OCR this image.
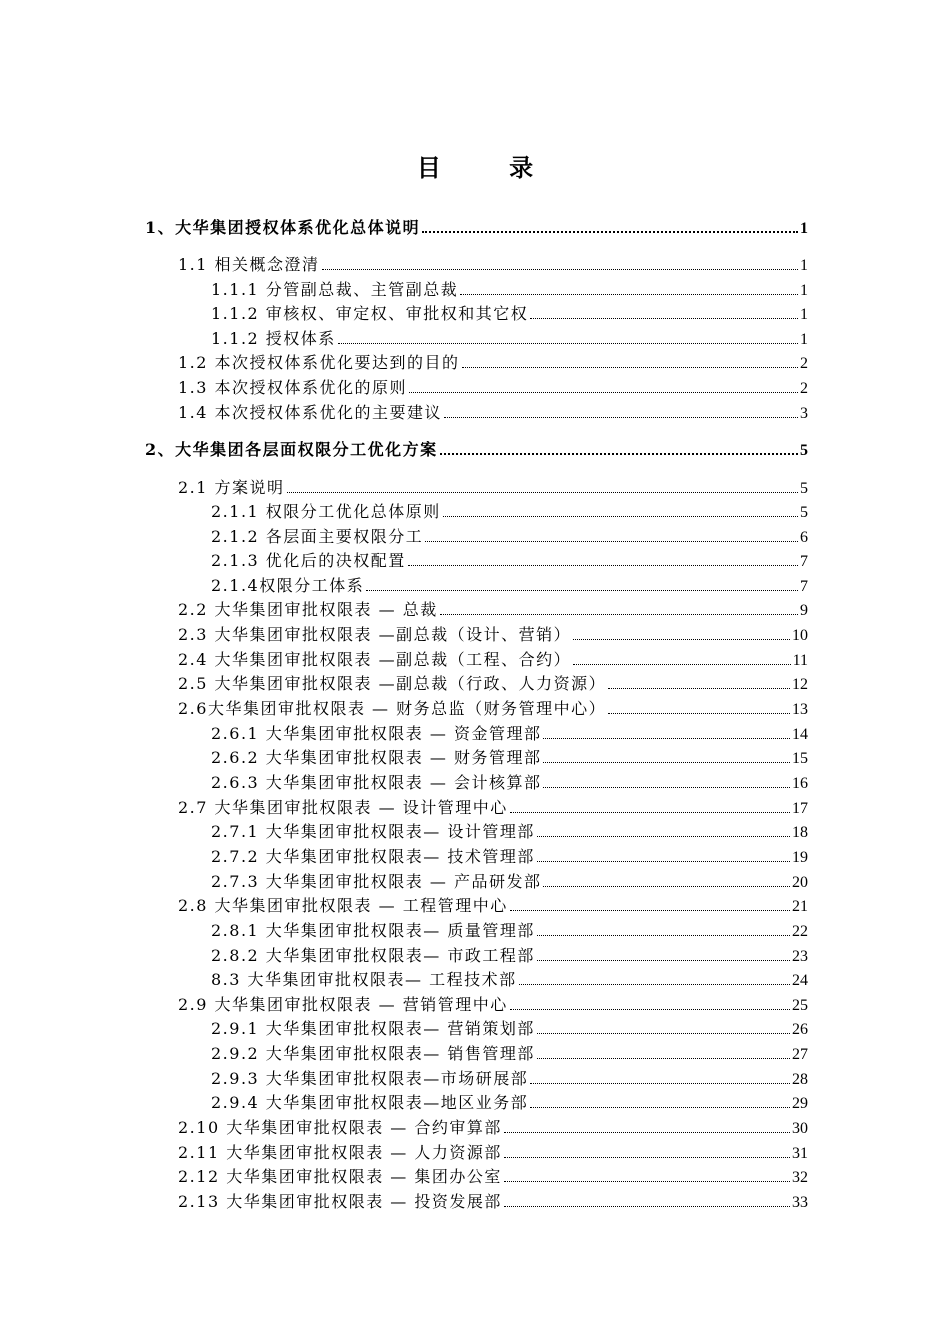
目 录
1、大华集团授权体系优化总体说明	1
1.1 相关概念澄清	1
1.1.1 分管副总裁、主管副总裁	1
1.1.2 审核权、审定权、审批权和其它权	1
1.1.2 授权体系	1
1.2 本次授权体系优化要达到的目的	2
1.3 本次授权体系优化的原则	2
1.4 本次授权体系优化的主要建议	3
2、大华集团各层面权限分工优化方案	5
2.1 方案说明	5
2.1.1 权限分工优化总体原则	5
2.1.2 各层面主要权限分工	6
2.1.3 优化后的决权配置	7
2.1.4权限分工体系	7
2.2 大华集团审批权限表 — 总裁	9
2.3 大华集团审批权限表 —副总裁（设计、营销）	10
2.4 大华集团审批权限表 —副总裁（工程、合约）	11
2.5 大华集团审批权限表 —副总裁（行政、人力资源）	12
2.6大华集团审批权限表 — 财务总监（财务管理中心）	13
2.6.1 大华集团审批权限表 — 资金管理部	14
2.6.2 大华集团审批权限表 — 财务管理部	15
2.6.3 大华集团审批权限表 — 会计核算部	16
2.7 大华集团审批权限表 — 设计管理中心	17
2.7.1 大华集团审批权限表— 设计管理部	18
2.7.2 大华集团审批权限表— 技术管理部	19
2.7.3 大华集团审批权限表 — 产品研发部	20
2.8 大华集团审批权限表 — 工程管理中心	21
2.8.1 大华集团审批权限表— 质量管理部	22
2.8.2 大华集团审批权限表— 市政工程部	23
8.3 大华集团审批权限表— 工程技术部	24
2.9 大华集团审批权限表 — 营销管理中心	25
2.9.1 大华集团审批权限表— 营销策划部	26
2.9.2 大华集团审批权限表— 销售管理部	27
2.9.3 大华集团审批权限表—市场研展部	28
2.9.4 大华集团审批权限表—地区业务部	29
2.10 大华集团审批权限表 — 合约审算部	30
2.11 大华集团审批权限表 — 人力资源部	31
2.12 大华集团审批权限表 — 集团办公室	32
2.13 大华集团审批权限表 — 投资发展部	33
